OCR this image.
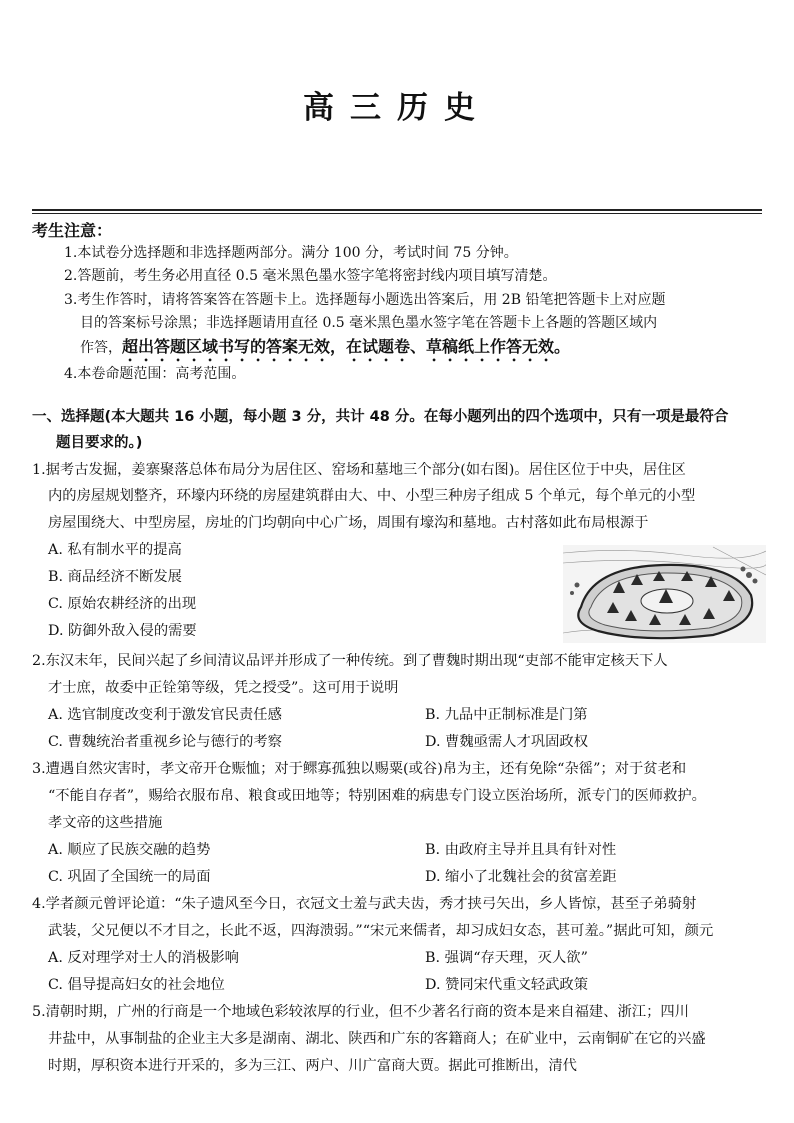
高三历史
考生注意：
1.本试卷分选择题和非选择题两部分。满分 100 分，考试时间 75 分钟。
2.答题前，考生务必用直径 0.5 毫米黑色墨水签字笔将密封线内项目填写清楚。
3.考生作答时，请将答案答在答题卡上。选择题每小题选出答案后，用 2B 铅笔把答题卡上对应题
目的答案标号涂黑；非选择题请用直径 0.5 毫米黑色墨水签字笔在答题卡上各题的答题区域内
作答，超出答题区域书写的答案无效，在试题卷、草稿纸上作答无效。
4.本卷命题范围：高考范围。
一、选择题(本大题共 16 小题，每小题 3 分，共计 48 分。在每小题列出的四个选项中，只有一项是最符合
题目要求的。)
1.据考古发掘，姜寨聚落总体布局分为居住区、窑场和墓地三个部分(如右图)。居住区位于中央，居住区
内的房屋规划整齐，环壕内环绕的房屋建筑群由大、中、小型三种房子组成 5 个单元，每个单元的小型
房屋围绕大、中型房屋，房址的门均朝向中心广场，周围有壕沟和墓地。古村落如此布局根源于
A. 私有制水平的提高
B. 商品经济不断发展
C. 原始农耕经济的出现
D. 防御外敌入侵的需要
2.东汉末年，民间兴起了乡间清议品评并形成了一种传统。到了曹魏时期出现“吏部不能审定核天下人
才士庶，故委中正铨第等级，凭之授受”。这可用于说明
A. 选官制度改变利于激发官民责任感	B. 九品中正制标准是门第
C. 曹魏统治者重视乡论与德行的考察	D. 曹魏亟需人才巩固政权
3.遭遇自然灾害时，孝文帝开仓赈恤；对于鳏寡孤独以赐粟(或谷)帛为主，还有免除“杂徭”；对于贫老和
“不能自存者”，赐给衣服布帛、粮食或田地等；特别困难的病患专门设立医治场所，派专门的医师救护。
孝文帝的这些措施
A. 顺应了民族交融的趋势	B. 由政府主导并且具有针对性
C. 巩固了全国统一的局面	D. 缩小了北魏社会的贫富差距
4.学者颜元曾评论道：“朱子遗风至今日，衣冠文士羞与武夫齿，秀才挟弓矢出，乡人皆惊，甚至子弟骑射
武装，父兄便以不才目之，长此不返，四海溃弱。”“宋元来儒者，却习成妇女态，甚可羞。”据此可知，颜元
A. 反对理学对士人的消极影响	B. 强调“存天理，灭人欲”
C. 倡导提高妇女的社会地位	D. 赞同宋代重文轻武政策
5.清朝时期，广州的行商是一个地域色彩较浓厚的行业，但不少著名行商的资本是来自福建、浙江；四川
井盐中，从事制盐的企业主大多是湖南、湖北、陕西和广东的客籍商人；在矿业中，云南铜矿在它的兴盛
时期，厚积资本进行开采的，多为三江、两户、川广富商大贾。据此可推断出，清代
